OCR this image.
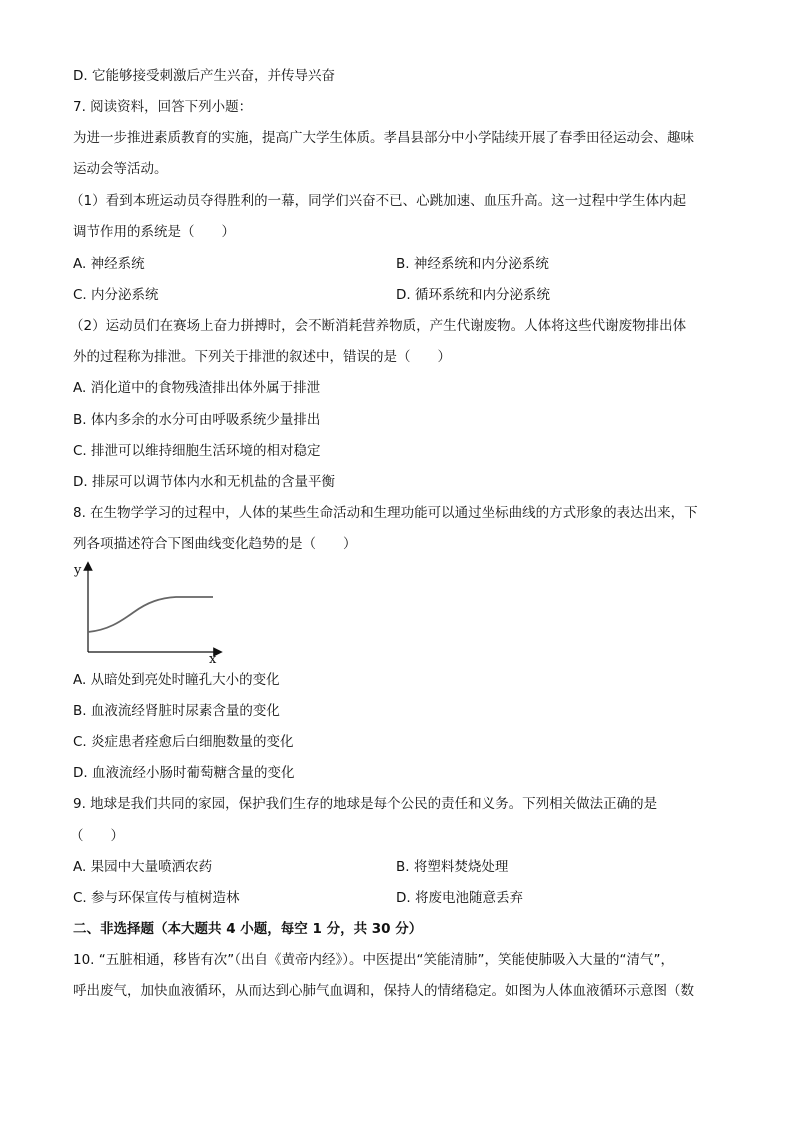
D. 它能够接受刺激后产生兴奋，并传导兴奋
7. 阅读资料，回答下列小题：
为进一步推进素质教育的实施，提高广大学生体质。孝昌县部分中小学陆续开展了春季田径运动会、趣味
运动会等活动。
（1）看到本班运动员夺得胜利的一幕，同学们兴奋不已、心跳加速、血压升高。这一过程中学生体内起
调节作用的系统是（　　）
A. 神经系统	B. 神经系统和内分泌系统
C. 内分泌系统	D. 循环系统和内分泌系统
（2）运动员们在赛场上奋力拼搏时，会不断消耗营养物质，产生代谢废物。人体将这些代谢废物排出体
外的过程称为排泄。下列关于排泄的叙述中，错误的是（　　）
A. 消化道中的食物残渣排出体外属于排泄
B. 体内多余的水分可由呼吸系统少量排出
C. 排泄可以维持细胞生活环境的相对稳定
D. 排尿可以调节体内水和无机盐的含量平衡
8. 在生物学学习的过程中，人体的某些生命活动和生理功能可以通过坐标曲线的方式形象的表达出来，下
列各项描述符合下图曲线变化趋势的是（　　）
y
x
A. 从暗处到亮处时瞳孔大小的变化
B. 血液流经肾脏时尿素含量的变化
C. 炎症患者痊愈后白细胞数量的变化
D. 血液流经小肠时葡萄糖含量的变化
9. 地球是我们共同的家园，保护我们生存的地球是每个公民的责任和义务。下列相关做法正确的是
（　　）
A. 果园中大量喷洒农药	B. 将塑料焚烧处理
C. 参与环保宣传与植树造林	D. 将废电池随意丢弃
二、非选择题（本大题共 4 小题，每空 1 分，共 30 分）
10. “五脏相通，移皆有次”（出自《黄帝内经》）。中医提出“笑能清肺”，笑能使肺吸入大量的“清气”，
呼出废气，加快血液循环，从而达到心肺气血调和，保持人的情绪稳定。如图为人体血液循环示意图（数
